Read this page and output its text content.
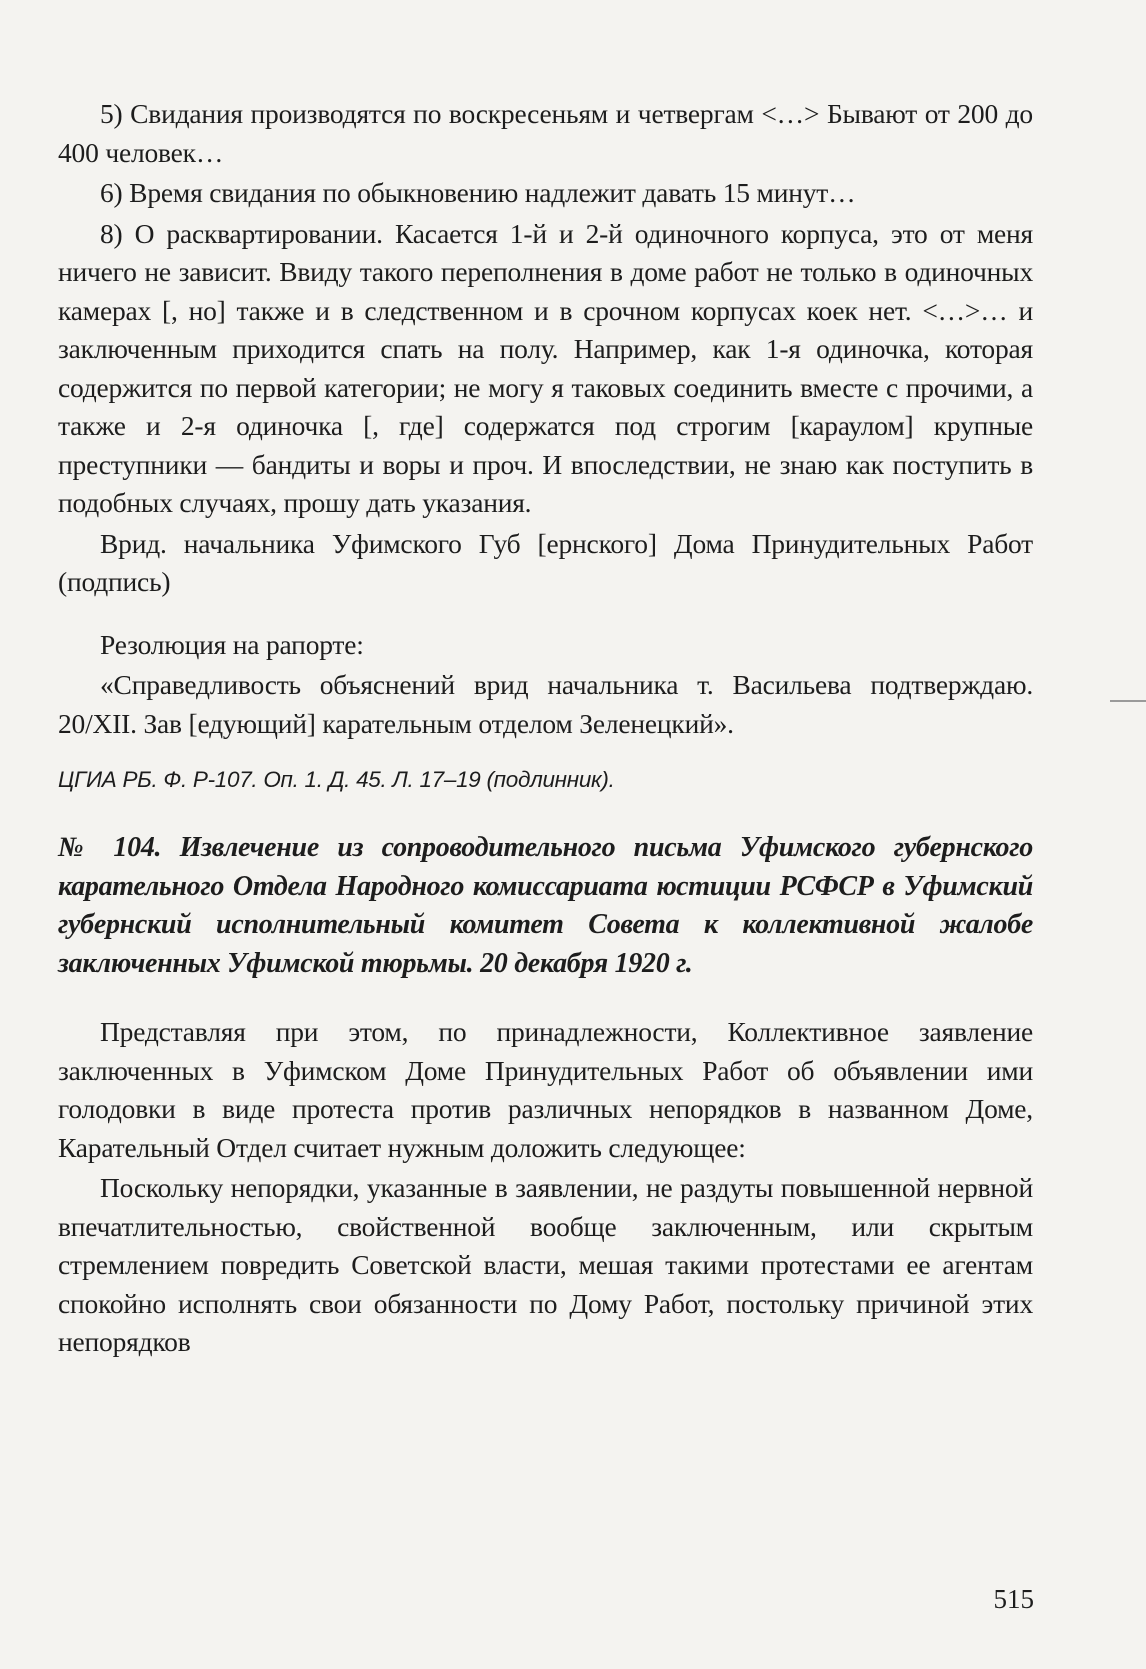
5) Свидания производятся по воскресеньям и четвергам <…> Бывают от 200 до 400 человек…

6) Время свидания по обыкновению надлежит давать 15 минут…

8) О расквартировании. Касается 1-й и 2-й одиночного корпуса, это от меня ничего не зависит. Ввиду такого переполнения в доме работ не только в одиночных камерах [, но] также и в следственном и в срочном корпусах коек нет. <…>… и заключенным приходится спать на полу. Например, как 1-я одиночка, которая содержится по первой категории; не могу я таковых соединить вместе с прочими, а также и 2-я одиночка [, где] содержатся под строгим [караулом] крупные преступники — бандиты и воры и проч. И впоследствии, не знаю как поступить в подобных случаях, прошу дать указания.

Врид. начальника Уфимского Губ [ернского] Дома Принудительных Работ (подпись)

Резолюция на рапорте:

«Справедливость объяснений врид начальника т. Васильева подтверждаю. 20/XII. Зав [едующий] карательным отделом Зеленецкий».

ЦГИА РБ. Ф. Р-107. Оп. 1. Д. 45. Л. 17–19 (подлинник).
№ 104. Извлечение из сопроводительного письма Уфимского губернского карательного Отдела Народного комиссариата юстиции РСФСР в Уфимский губернский исполнительный комитет Совета к коллективной жалобе заключенных Уфимской тюрьмы. 20 декабря 1920 г.

Представляя при этом, по принадлежности, Коллективное заявление заключенных в Уфимском Доме Принудительных Работ об объявлении ими голодовки в виде протеста против различных непорядков в названном Доме, Карательный Отдел считает нужным доложить следующее:

Поскольку непорядки, указанные в заявлении, не раздуты повышенной нервной впечатлительностью, свойственной вообще заключенным, или скрытым стремлением повредить Советской власти, мешая такими протестами ее агентам спокойно исполнять свои обязанности по Дому Работ, постольку причиной этих непорядков

515
